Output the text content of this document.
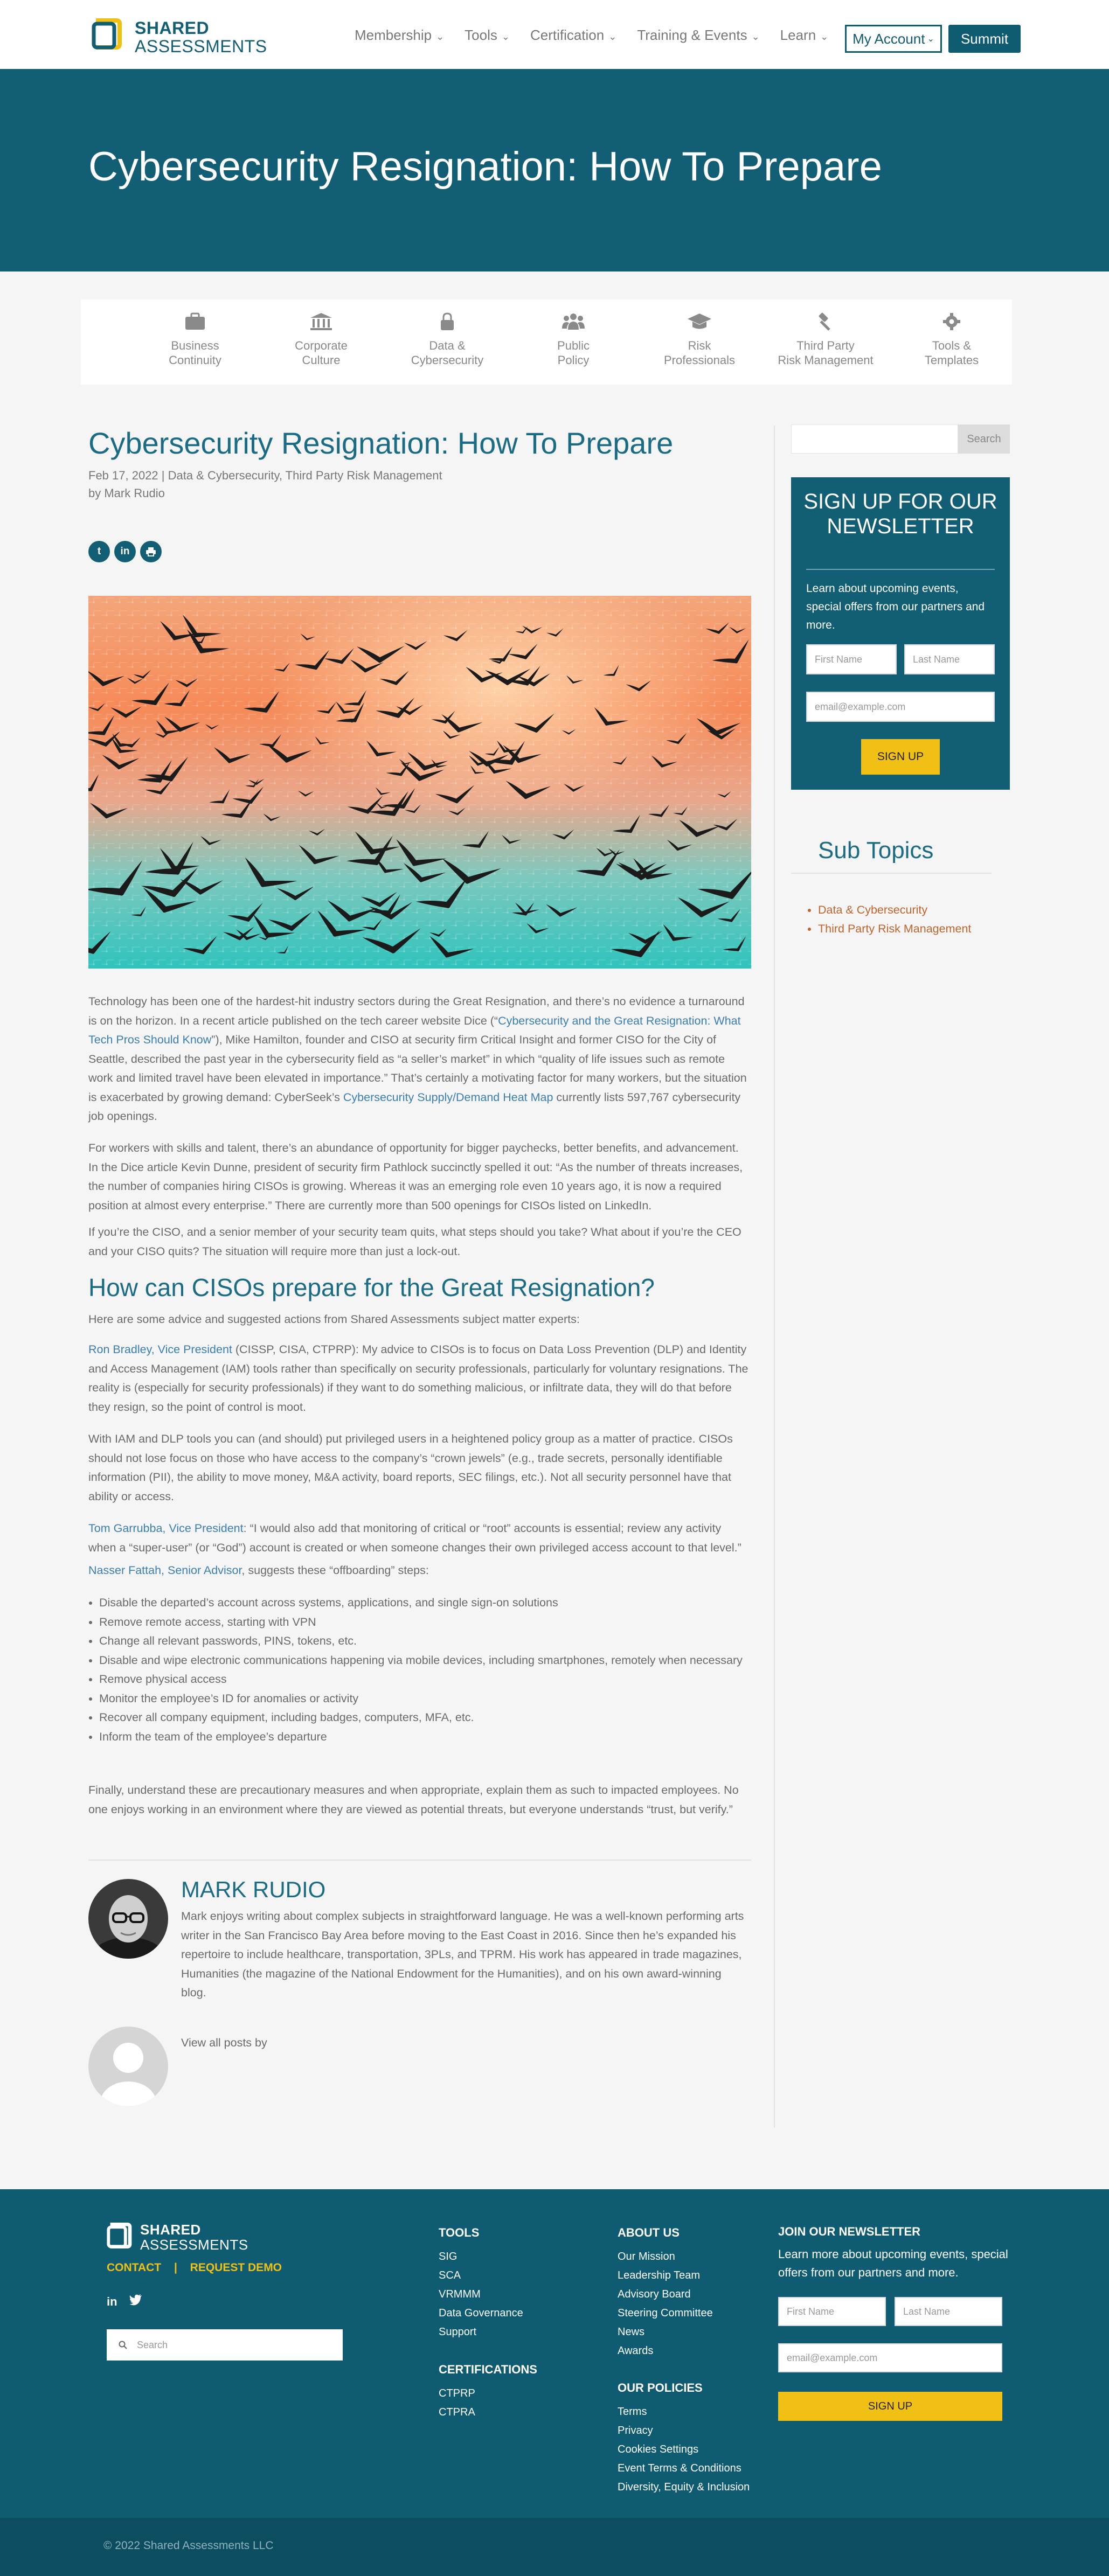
SHARED
ASSESSMENTS
Membership ⌄ Tools ⌄ Certification ⌄ Training & Events ⌄ Learn ⌄ My Account ⌄	Summit
Cybersecurity Resignation: How To Prepare
Business
Continuity
Corporate
Culture
Data &
Cybersecurity
Public
Policy
Risk
Professionals
Third Party
Risk Management
Tools &
Templates
Cybersecurity Resignation: How To Prepare
Feb 17, 2022 | Data & Cybersecurity, Third Party Risk Management
by Mark Rudio
t	in
Technology has been one of the hardest-hit industry sectors during the Great Resignation, and there’s no evidence a turnaround is on the horizon. In a recent article published on the tech career website Dice (“Cybersecurity and the Great Resignation: What Tech Pros Should Know”), Mike Hamilton, founder and CISO at security firm Critical Insight and former CISO for the City of Seattle, described the past year in the cybersecurity field as “a seller’s market” in which “quality of life issues such as remote work and limited travel have been elevated in importance.” That’s certainly a motivating factor for many workers, but the situation is exacerbated by growing demand: CyberSeek’s Cybersecurity Supply/Demand Heat Map currently lists 597,767 cybersecurity job openings.
For workers with skills and talent, there’s an abundance of opportunity for bigger paychecks, better benefits, and advancement. In the Dice article Kevin Dunne, president of security firm Pathlock succinctly spelled it out: “As the number of threats increases, the number of companies hiring CISOs is growing. Whereas it was an emerging role even 10 years ago, it is now a required position at almost every enterprise.” There are currently more than 500 openings for CISOs listed on LinkedIn.
If you’re the CISO, and a senior member of your security team quits, what steps should you take? What about if you’re the CEO and your CISO quits? The situation will require more than just a lock-out.
How can CISOs prepare for the Great Resignation?
Here are some advice and suggested actions from Shared Assessments subject matter experts:
Ron Bradley, Vice President (CISSP, CISA, CTPRP): My advice to CISOs is to focus on Data Loss Prevention (DLP) and Identity and Access Management (IAM) tools rather than specifically on security professionals, particularly for voluntary resignations. The reality is (especially for security professionals) if they want to do something malicious, or infiltrate data, they will do that before they resign, so the point of control is moot.
With IAM and DLP tools you can (and should) put privileged users in a heightened policy group as a matter of practice. CISOs should not lose focus on those who have access to the company’s “crown jewels” (e.g., trade secrets, personally identifiable information (PII), the ability to move money, M&A activity, board reports, SEC filings, etc.). Not all security personnel have that ability or access.
Tom Garrubba, Vice President: “I would also add that monitoring of critical or “root” accounts is essential; review any activity when a “super-user” (or “God”) account is created or when someone changes their own privileged access account to that level.”
Nasser Fattah, Senior Advisor, suggests these “offboarding” steps:
• Disable the departed’s account across systems, applications, and single sign-on solutions
• Remove remote access, starting with VPN
• Change all relevant passwords, PINS, tokens, etc.
• Disable and wipe electronic communications happening via mobile devices, including smartphones, remotely when necessary
• Remove physical access
• Monitor the employee’s ID for anomalies or activity
• Recover all company equipment, including badges, computers, MFA, etc.
• Inform the team of the employee’s departure
Finally, understand these are precautionary measures and when appropriate, explain them as such to impacted employees. No one enjoys working in an environment where they are viewed as potential threats, but everyone understands “trust, but verify.”
MARK RUDIO
Mark enjoys writing about complex subjects in straightforward language. He was a well-known performing arts writer in the San Francisco Bay Area before moving to the East Coast in 2016. Since then he’s expanded his repertoire to include healthcare, transportation, 3PLs, and TPRM. His work has appeared in trade magazines, Humanities (the magazine of the National Endowment for the Humanities), and on his own award-winning blog.
View all posts by
Search
SIGN UP FOR OUR NEWSLETTER
Learn about upcoming events, special offers from our partners and more.
First Name	Last Name
email@example.com
SIGN UP
Sub Topics
• Data & Cybersecurity
• Third Party Risk Management
SHARED
ASSESSMENTS
CONTACT | REQUEST DEMO
in
Search
TOOLS
SIG
SCA
VRMMM
Data Governance
Support
CERTIFICATIONS
CTPRP
CTPRA
ABOUT US
Our Mission
Leadership Team
Advisory Board
Steering Committee
News
Awards
OUR POLICIES
Terms
Privacy
Cookies Settings
Event Terms & Conditions
Diversity, Equity & Inclusion
JOIN OUR NEWSLETTER
Learn more about upcoming events, special offers from our partners and more.
First Name	Last Name
email@example.com
SIGN UP
© 2022 Shared Assessments LLC
